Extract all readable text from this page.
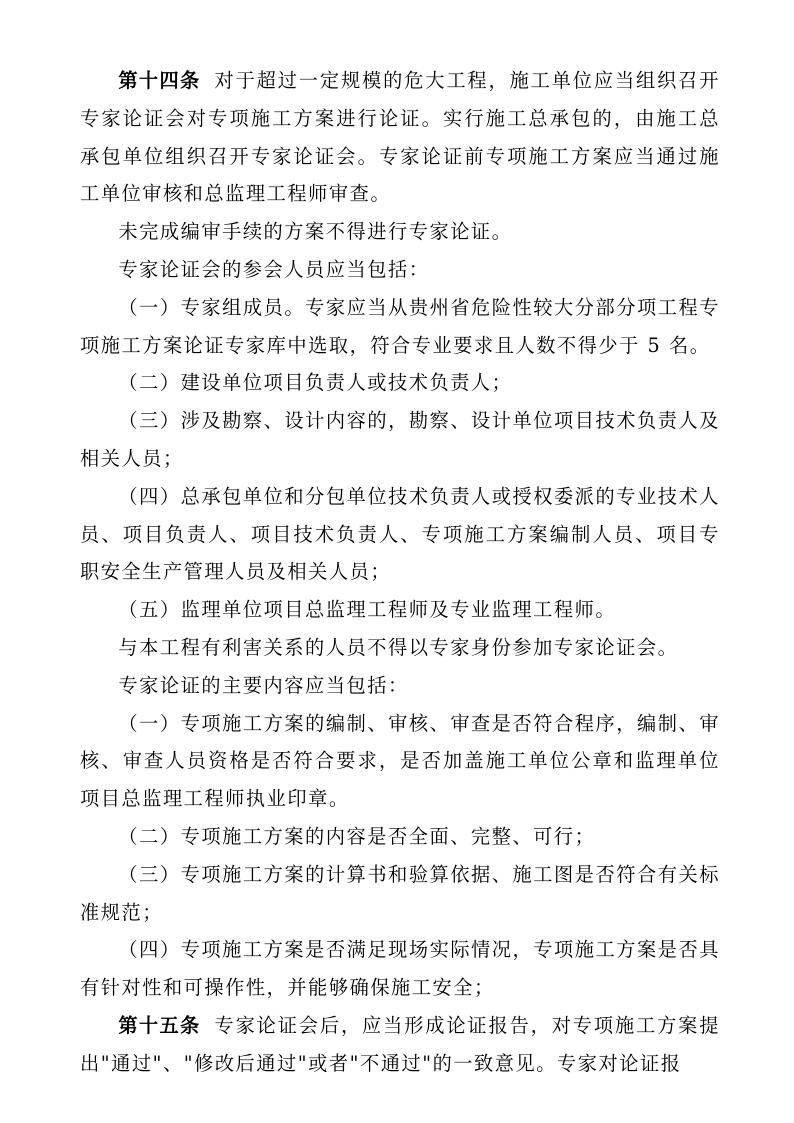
第十四条 对于超过一定规模的危大工程，施工单位应当组织召开专家论证会对专项施工方案进行论证。实行施工总承包的，由施工总承包单位组织召开专家论证会。专家论证前专项施工方案应当通过施工单位审核和总监理工程师审查。

未完成编审手续的方案不得进行专家论证。

专家论证会的参会人员应当包括：

（一）专家组成员。专家应当从贵州省危险性较大分部分项工程专项施工方案论证专家库中选取，符合专业要求且人数不得少于 5 名。

（二）建设单位项目负责人或技术负责人；

（三）涉及勘察、设计内容的，勘察、设计单位项目技术负责人及相关人员；

（四）总承包单位和分包单位技术负责人或授权委派的专业技术人员、项目负责人、项目技术负责人、专项施工方案编制人员、项目专职安全生产管理人员及相关人员；

（五）监理单位项目总监理工程师及专业监理工程师。

与本工程有利害关系的人员不得以专家身份参加专家论证会。

专家论证的主要内容应当包括：

（一）专项施工方案的编制、审核、审查是否符合程序，编制、审核、审查人员资格是否符合要求，是否加盖施工单位公章和监理单位项目总监理工程师执业印章。

（二）专项施工方案的内容是否全面、完整、可行；

（三）专项施工方案的计算书和验算依据、施工图是否符合有关标准规范；

（四）专项施工方案是否满足现场实际情况，专项施工方案是否具有针对性和可操作性，并能够确保施工安全；

第十五条 专家论证会后，应当形成论证报告，对专项施工方案提出"通过"、"修改后通过"或者"不通过"的一致意见。专家对论证报
